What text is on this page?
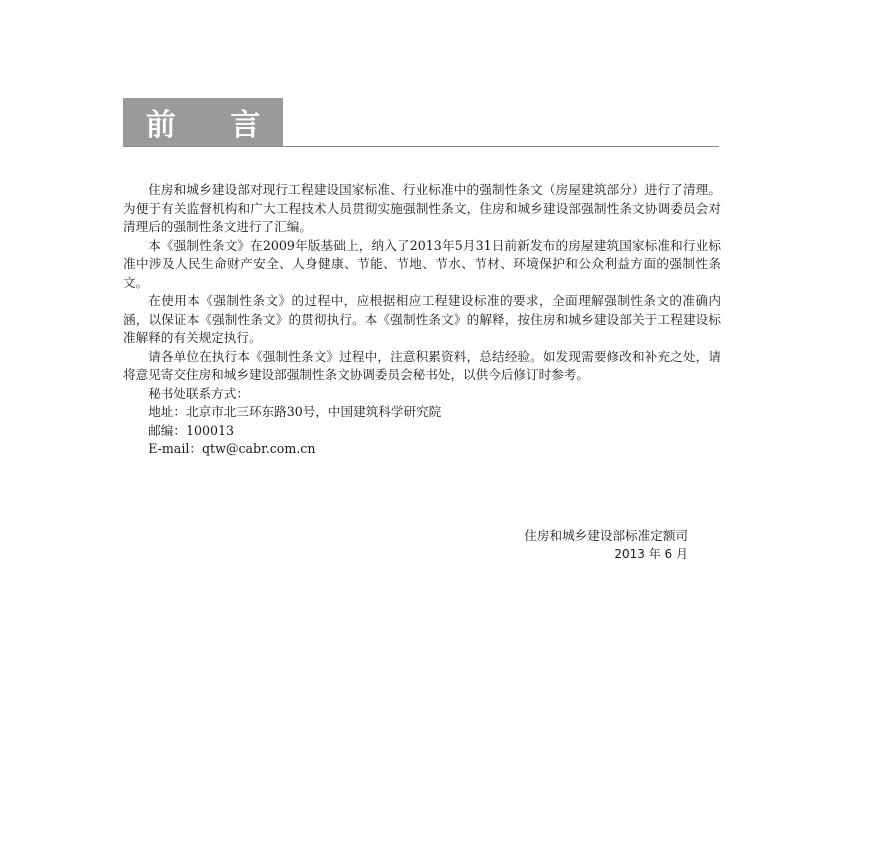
前 言

住房和城乡建设部对现行工程建设国家标准、行业标准中的强制性条文（房屋建筑部分）进行了清理。为便于有关监督机构和广大工程技术人员贯彻实施强制性条文，住房和城乡建设部强制性条文协调委员会对清理后的强制性条文进行了汇编。

本《强制性条文》在2009年版基础上，纳入了2013年5月31日前新发布的房屋建筑国家标准和行业标准中涉及人民生命财产安全、人身健康、节能、节地、节水、节材、环境保护和公众利益方面的强制性条文。

在使用本《强制性条文》的过程中，应根据相应工程建设标准的要求，全面理解强制性条文的准确内涵，以保证本《强制性条文》的贯彻执行。本《强制性条文》的解释，按住房和城乡建设部关于工程建设标准解释的有关规定执行。

请各单位在执行本《强制性条文》过程中，注意积累资料，总结经验。如发现需要修改和补充之处，请将意见寄交住房和城乡建设部强制性条文协调委员会秘书处，以供今后修订时参考。

秘书处联系方式：

地址：北京市北三环东路30号，中国建筑科学研究院

邮编：100013

E-mail：qtw@cabr.com.cn

住房和城乡建设部标准定额司
2013 年 6 月
